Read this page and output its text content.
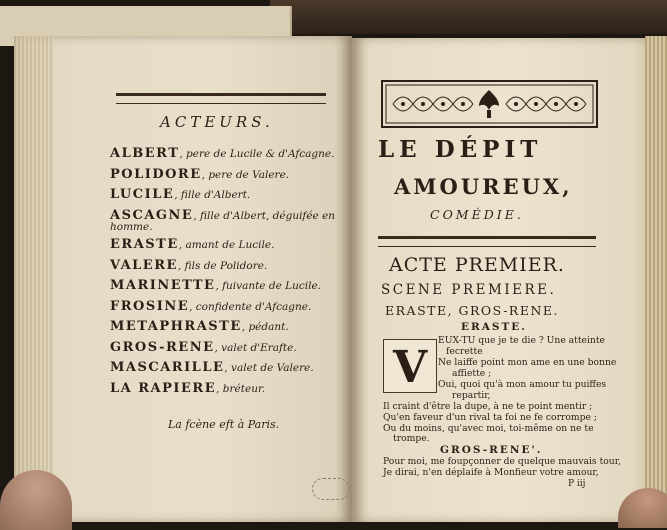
ACTEURS.
ALBERT, pere de Lucile & d'Afcagne.
POLIDORE, pere de Valere.
LUCILE, fille d'Albert.
ASCAGNE, fille d'Albert, déguifée en
homme.
ERASTE, amant de Lucile.
VALERE, fils de Polidore.
MARINETTE, fuivante de Lucile.
FROSINE, confidente d'Afcagne.
METAPHRASTE, pédant.
GROS-RENE, valet d'Erafte.
MASCARILLE, valet de Valere.
LA RAPIERE, bréteur.
La fcène eft à Paris.
LE DÉPIT
AMOUREUX,
COMÉDIE.
ACTE PREMIER.
SCENE PREMIERE.
ERASTE, GROS-RENE.
ERASTE.
V
EUX-TU que je te die ? Une atteinte
fecrette
Ne laiffe point mon ame en une bonne
affiette ;
Oui, quoi qu'à mon amour tu puiffes
repartir,
Il craint d'être la dupe, à ne te point mentir ;
Qu'en faveur d'un rival ta foi ne fe corrompe ;
Ou du moins, qu'avec moi, toi-même on ne te
trompe.
GROS-RENE'.
Pour moi, me foupçonner de quelque mauvais tour,
Je dirai, n'en déplaife à Monfieur votre amour,
P iij
